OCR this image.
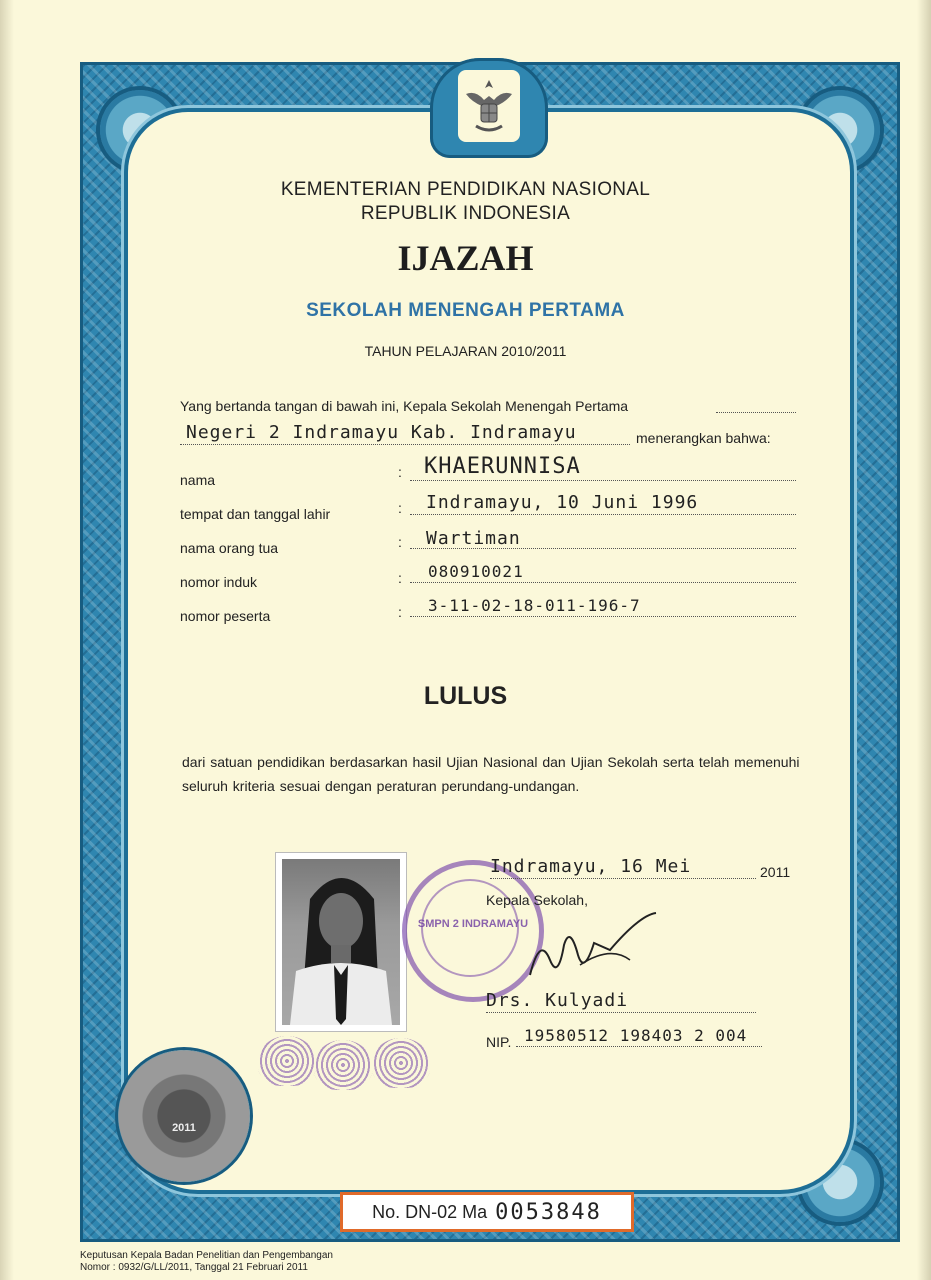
KEMENTERIAN PENDIDIKAN NASIONAL
REPUBLIK INDONESIA
IJAZAH
SEKOLAH MENENGAH PERTAMA
TAHUN PELAJARAN 2010/2011
Yang bertanda tangan di bawah ini, Kepala Sekolah Menengah Pertama
Negeri 2 Indramayu Kab. Indramayu	menerangkan bahwa:
nama	: KHAERUNNISA
tempat dan tanggal lahir	: Indramayu, 10 Juni 1996
nama orang tua	: Wartiman
nomor induk	: 080910021
nomor peserta	: 3-11-02-18-011-196-7
LULUS
dari satuan pendidikan berdasarkan hasil Ujian Nasional dan Ujian Sekolah serta telah memenuhi seluruh kriteria sesuai dengan peraturan perundang-undangan.
SMPN 2 INDRAMAYU
Indramayu, 16 Mei	2011
Kepala Sekolah,
Drs. Kulyadi
NIP. 19580512 198403 2 004
2011
No. DN-02 Ma 0053848
Keputusan Kepala Badan Penelitian dan Pengembangan
Nomor : 0932/G/LL/2011, Tanggal 21 Februari 2011
